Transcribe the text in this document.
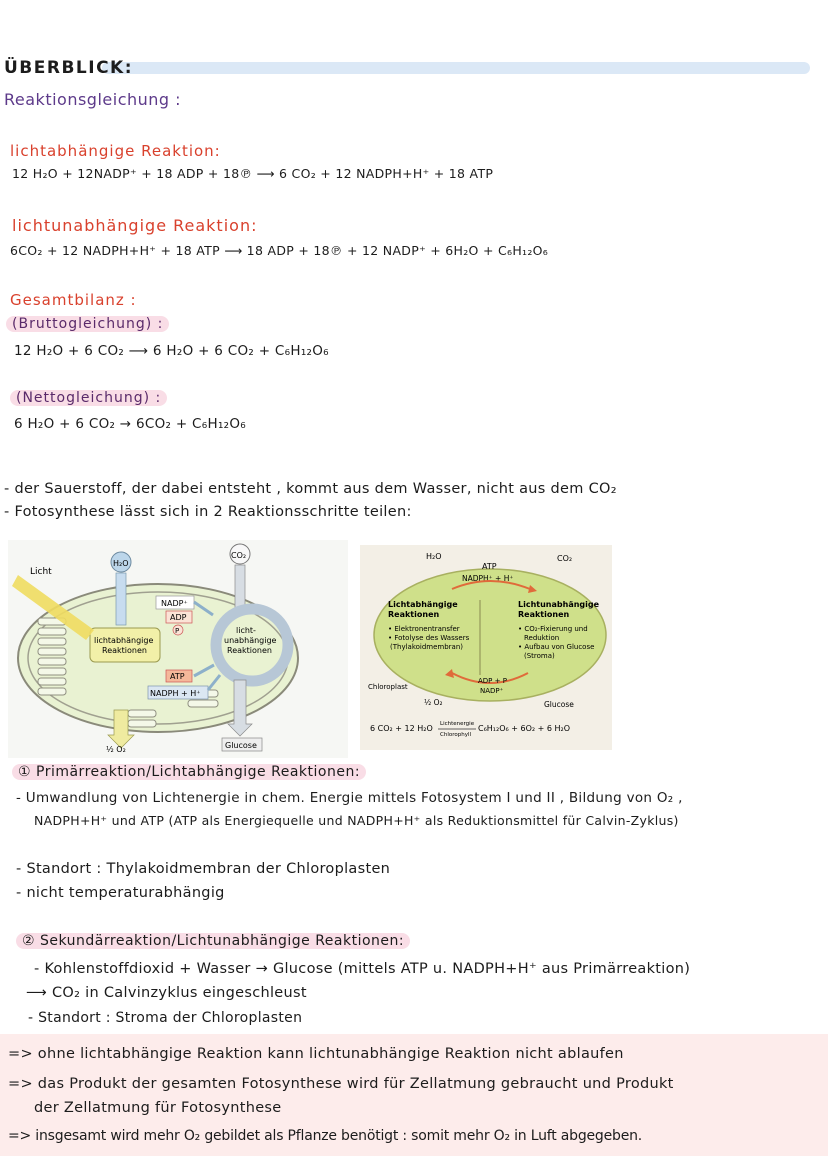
ÜBERBLICK:
Reaktionsgleichung :
lichtabhängige Reaktion:
12 H₂O + 12NADP⁺ + 18 ADP + 18℗ ⟶ 6 CO₂ + 12 NADPH+H⁺ + 18 ATP
lichtunabhängige Reaktion:
6CO₂ + 12 NADPH+H⁺ + 18 ATP ⟶ 18 ADP + 18℗ + 12 NADP⁺ + 6H₂O + C₆H₁₂O₆
Gesamtbilanz :
(Bruttogleichung) :
12 H₂O + 6 CO₂ ⟶ 6 H₂O + 6 CO₂ + C₆H₁₂O₆
(Nettogleichung) :
6 H₂O + 6 CO₂ → 6CO₂ + C₆H₁₂O₆
- der Sauerstoff, der dabei entsteht , kommt aus dem Wasser, nicht aus dem CO₂
- Fotosynthese lässt sich in 2 Reaktionsschritte teilen:
Licht
H₂O
CO₂
licht-
unabhängige
Reaktionen
NADP⁺
ADP
P
lichtabhängige
Reaktionen
ATP
NADPH + H⁺
½ O₂	Glucose
H₂O	CO₂
ATP
NADPH⁺ + H⁺
Lichtabhängige
Reaktionen
• Elektronentransfer
• Fotolyse des Wassers
(Thylakoidmembran)
Lichtunabhängige
Reaktionen
• CO₂-Fixierung und
Reduktion
• Aufbau von Glucose
(Stroma)
Chloroplast
ADP + P
NADP⁺
½ O₂	Glucose
6 CO₂ + 12 H₂O Lichtenergie
Chlorophyll
C₆H₁₂O₆ + 6O₂ + 6 H₂O
① Primärreaktion/Lichtabhängige Reaktionen:
- Umwandlung von Lichtenergie in chem. Energie mittels Fotosystem I und II , Bildung von O₂ ,
NADPH+H⁺ und ATP (ATP als Energiequelle und NADPH+H⁺ als Reduktionsmittel für Calvin-Zyklus)
- Standort : Thylakoidmembran der Chloroplasten
- nicht temperaturabhängig
② Sekundärreaktion/Lichtunabhängige Reaktionen:
- Kohlenstoffdioxid + Wasser → Glucose (mittels ATP u. NADPH+H⁺ aus Primärreaktion)
⟶ CO₂ in Calvinzyklus eingeschleust
- Standort : Stroma der Chloroplasten
=> ohne lichtabhängige Reaktion kann lichtunabhängige Reaktion nicht ablaufen
=> das Produkt der gesamten Fotosynthese wird für Zellatmung gebraucht und Produkt
der Zellatmung für Fotosynthese
=> insgesamt wird mehr O₂ gebildet als Pflanze benötigt : somit mehr O₂ in Luft abgegeben.
